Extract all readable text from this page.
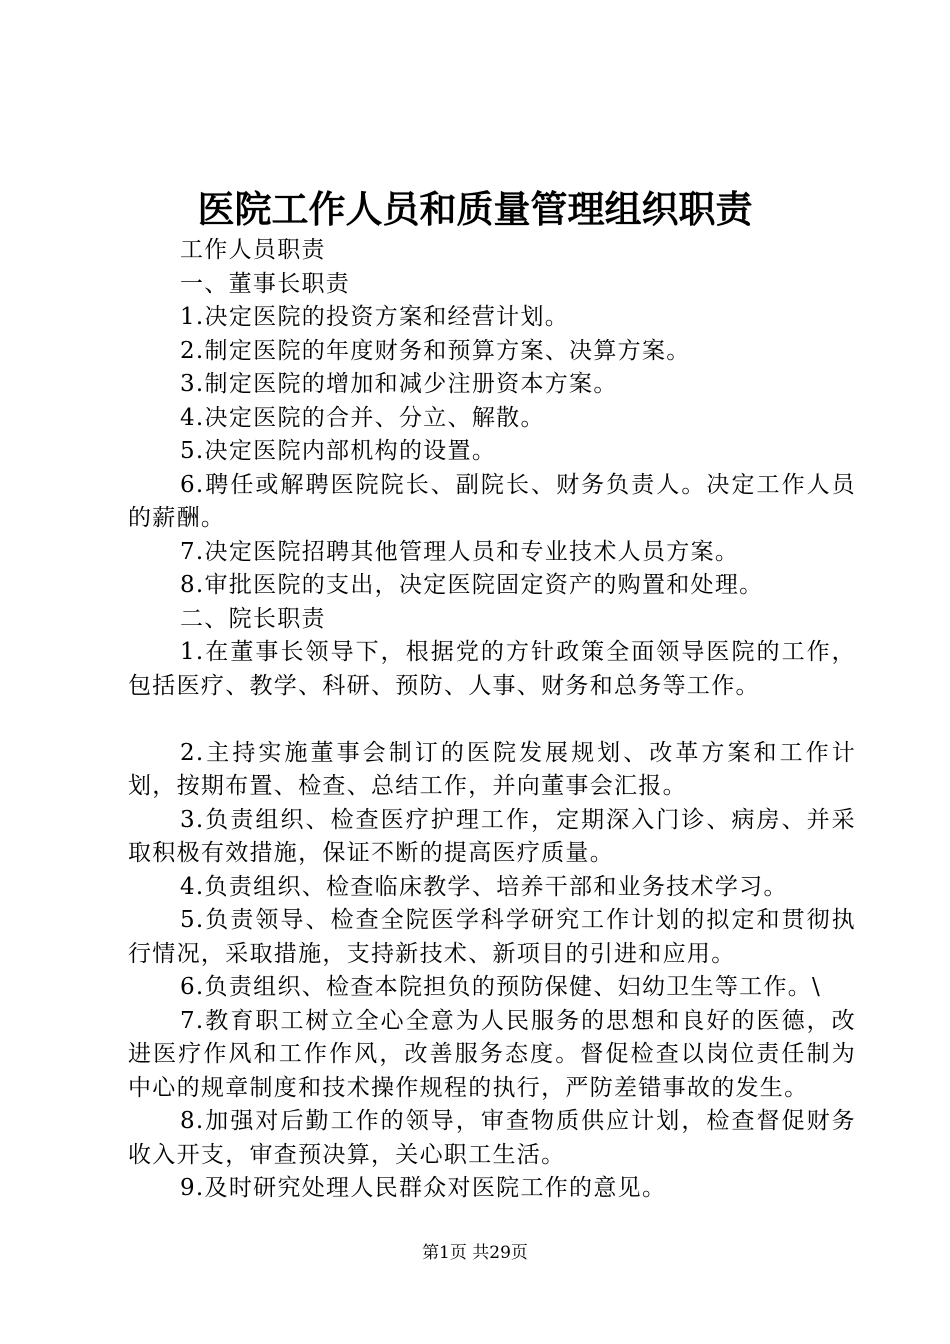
医院工作人员和质量管理组织职责

工作人员职责

一、董事长职责

1.决定医院的投资方案和经营计划。

2.制定医院的年度财务和预算方案、决算方案。

3.制定医院的增加和减少注册资本方案。

4.决定医院的合并、分立、解散。

5.决定医院内部机构的设置。

6.聘任或解聘医院院长、副院长、财务负责人。决定工作人员的薪酬。

7.决定医院招聘其他管理人员和专业技术人员方案。

8.审批医院的支出，决定医院固定资产的购置和处理。

二、院长职责

1.在董事长领导下，根据党的方针政策全面领导医院的工作，包括医疗、教学、科研、预防、人事、财务和总务等工作。

2.主持实施董事会制订的医院发展规划、改革方案和工作计划，按期布置、检查、总结工作，并向董事会汇报。

3.负责组织、检查医疗护理工作，定期深入门诊、病房、并采取积极有效措施，保证不断的提高医疗质量。

4.负责组织、检查临床教学、培养干部和业务技术学习。

5.负责领导、检查全院医学科学研究工作计划的拟定和贯彻执行情况，采取措施，支持新技术、新项目的引进和应用。

6.负责组织、检查本院担负的预防保健、妇幼卫生等工作。\

7.教育职工树立全心全意为人民服务的思想和良好的医德，改进医疗作风和工作作风，改善服务态度。督促检查以岗位责任制为中心的规章制度和技术操作规程的执行，严防差错事故的发生。

8.加强对后勤工作的领导，审查物质供应计划，检查督促财务收入开支，审查预决算，关心职工生活。

9.及时研究处理人民群众对医院工作的意见。

第1页 共29页
